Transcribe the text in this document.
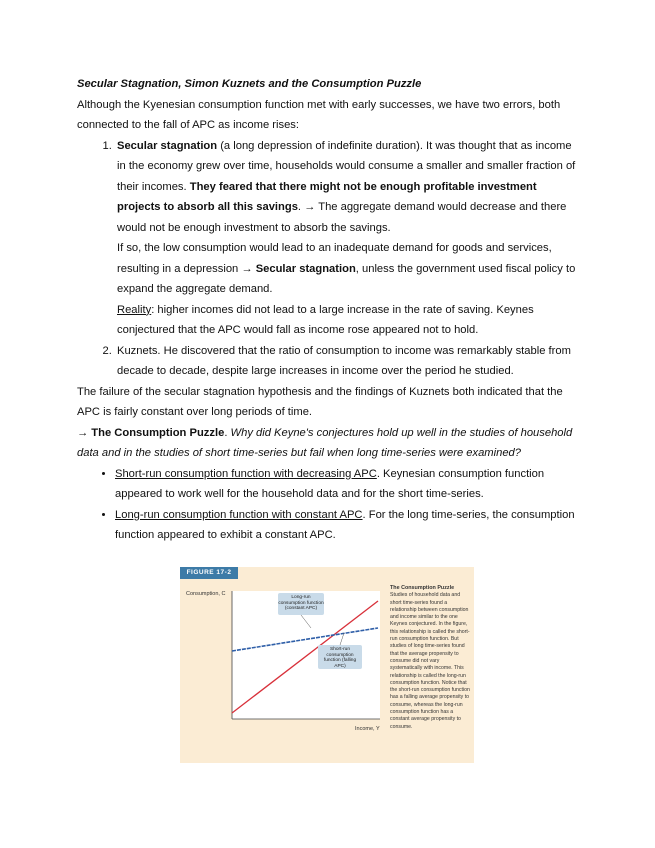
Secular Stagnation, Simon Kuznets and the Consumption Puzzle

Although the Kyenesian consumption function met with early successes, we have two errors, both connected to the fall of APC as income rises:

1. Secular stagnation (a long depression of indefinite duration). It was thought that as income in the economy grew over time, households would consume a smaller and smaller fraction of their incomes. They feared that there might not be enough profitable investment projects to absorb all this savings. → The aggregate demand would decrease and there would not be enough investment to absorb the savings.
If so, the low consumption would lead to an inadequate demand for goods and services, resulting in a depression → Secular stagnation, unless the government used fiscal policy to expand the aggregate demand.
Reality: higher incomes did not lead to a large increase in the rate of saving. Keynes conjectured that the APC would fall as income rose appeared not to hold.
2. Kuznets. He discovered that the ratio of consumption to income was remarkably stable from decade to decade, despite large increases in income over the period he studied.

The failure of the secular stagnation hypothesis and the findings of Kuznets both indicated that the APC is fairly constant over long periods of time.

→ The Consumption Puzzle. Why did Keyne's conjectures hold up well in the studies of household data and in the studies of short time-series but fail when long time-series were examined?

• Short-run consumption function with decreasing APC. Keynesian consumption function appeared to work well for the household data and for the short time-series.
• Long-run consumption function with constant APC. For the long time-series, the consumption function appeared to exhibit a constant APC.
FIGURE 17-2
Consumption, C
Income, Y
Long-run consumption function (constant APC)
Short-run consumption function (falling APC)
The Consumption Puzzle
Studies of household data and short time-series found a relationship between consumption and income similar to the one Keynes conjectured. In the figure, this relationship is called the short-run consumption function. But studies of long time-series found that the average propensity to consume did not vary systematically with income. This relationship is called the long-run consumption function. Notice that the short-run consumption function has a falling average propensity to consume, whereas the long-run consumption function has a constant average propensity to consume.
